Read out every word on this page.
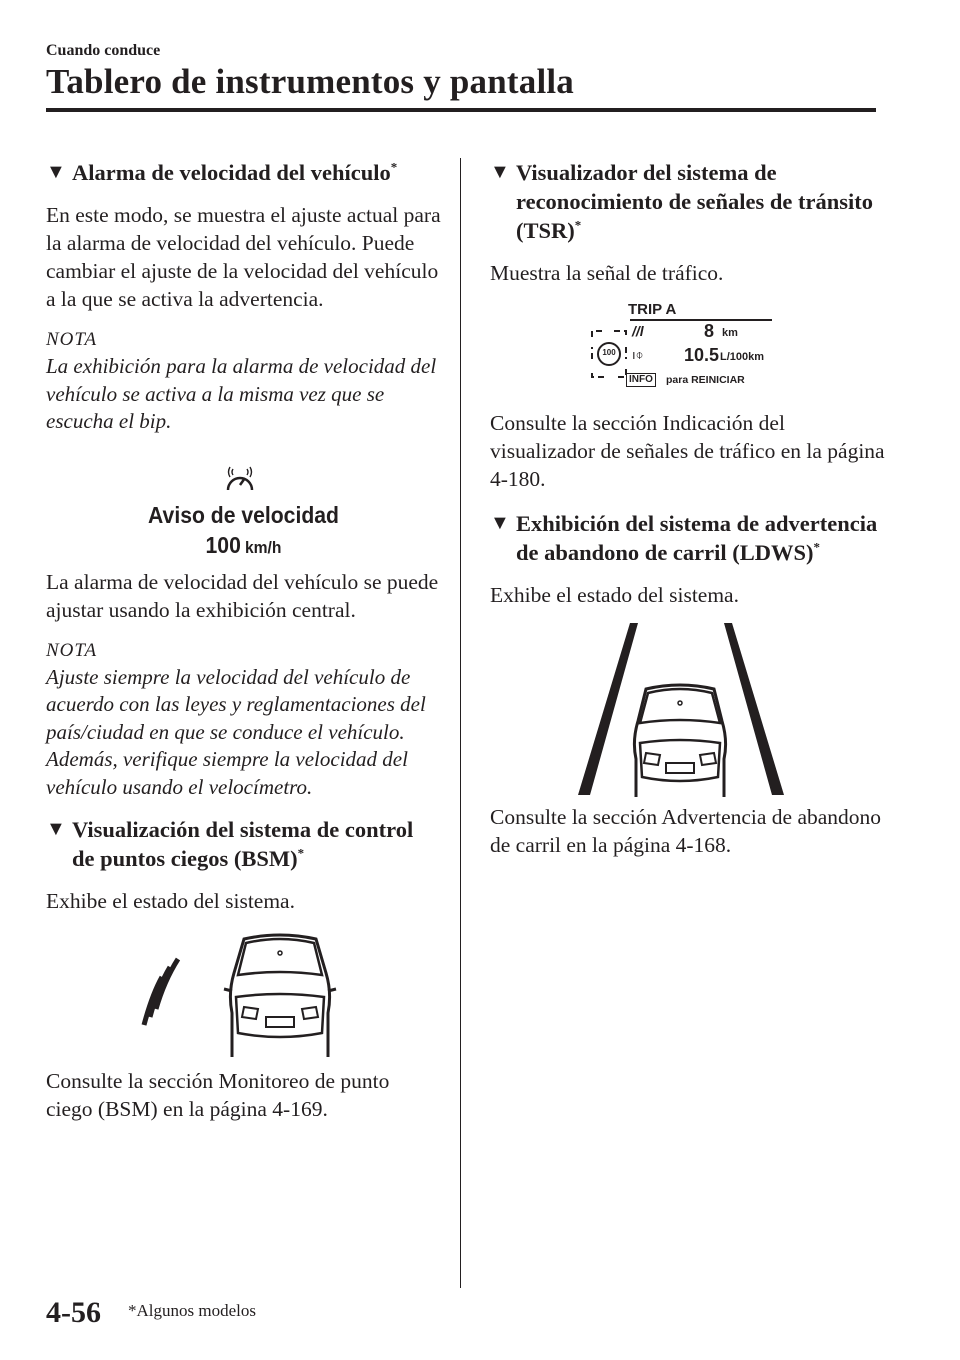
Cuando conduce
Tablero de instrumentos y pantalla
▼ Alarma de velocidad del vehículo*

En este modo, se muestra el ajuste actual para la alarma de velocidad del vehículo. Puede cambiar el ajuste de la velocidad del vehículo a la que se activa la advertencia.

NOTA

La exhibición para la alarma de velocidad del vehículo se activa a la misma vez que se escucha el bip.

Aviso de velocidad
100 km/h

La alarma de velocidad del vehículo se puede ajustar usando la exhibición central.

NOTA

Ajuste siempre la velocidad del vehículo de acuerdo con las leyes y reglamentaciones del país/ciudad en que se conduce el vehículo. Además, verifique siempre la velocidad del vehículo usando el velocímetro.

▼ Visualización del sistema de control de puntos ciegos (BSM)*

Exhibe el estado del sistema.

Consulte la sección Monitoreo de punto ciego (BSM) en la página 4-169.

▼ Visualizador del sistema de reconocimiento de señales de tránsito (TSR)*

Muestra la señal de tráfico.

TRIP A
100
//l
ı⌽
8 km
10.5 L/100km
INFO para REINICIAR

Consulte la sección Indicación del visualizador de señales de tráfico en la página 4-180.

▼ Exhibición del sistema de advertencia de abandono de carril (LDWS)*

Exhibe el estado del sistema.

Consulte la sección Advertencia de abandono de carril en la página 4-168.

4-56 *Algunos modelos
